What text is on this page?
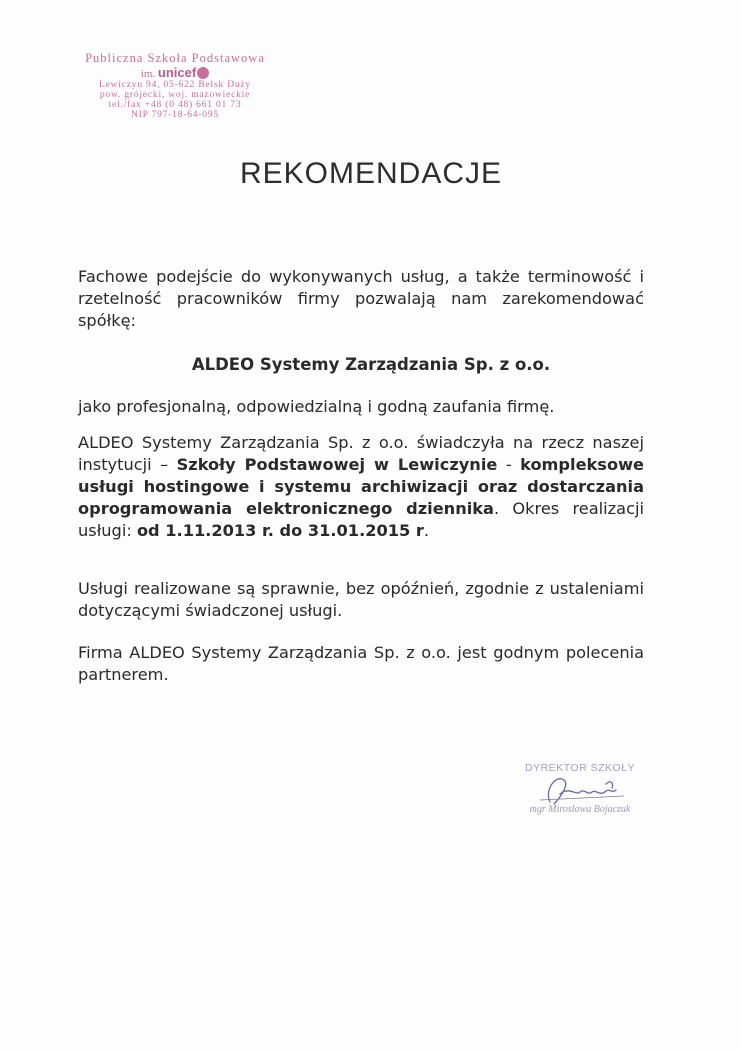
Publiczna Szkoła Podstawowa
im. unicef
Lewiczyn 94, 05-622 Belsk Duży
pow. grójecki, woj. mazowieckie
tel./fax +48 (0 48) 661 01 73
NIP 797-18-64-095
REKOMENDACJE
Fachowe podejście do wykonywanych usług, a także terminowość i rzetelność pracowników firmy pozwalają nam zarekomendować spółkę:
ALDEO Systemy Zarządzania Sp. z o.o.
jako profesjonalną, odpowiedzialną i godną zaufania firmę.
ALDEO Systemy Zarządzania Sp. z o.o. świadczyła na rzecz naszej instytucji – Szkoły Podstawowej w Lewiczynie - kompleksowe usługi hostingowe i systemu archiwizacji oraz dostarczania oprogramowania elektronicznego dziennika. Okres realizacji usługi: od 1.11.2013 r. do 31.01.2015 r.
Usługi realizowane są sprawnie, bez opóźnień, zgodnie z ustaleniami dotyczącymi świadczonej usługi.
Firma ALDEO Systemy Zarządzania Sp. z o.o. jest godnym polecenia partnerem.
DYREKTOR SZKOŁY
mgr Mirosława Bojaczuk
